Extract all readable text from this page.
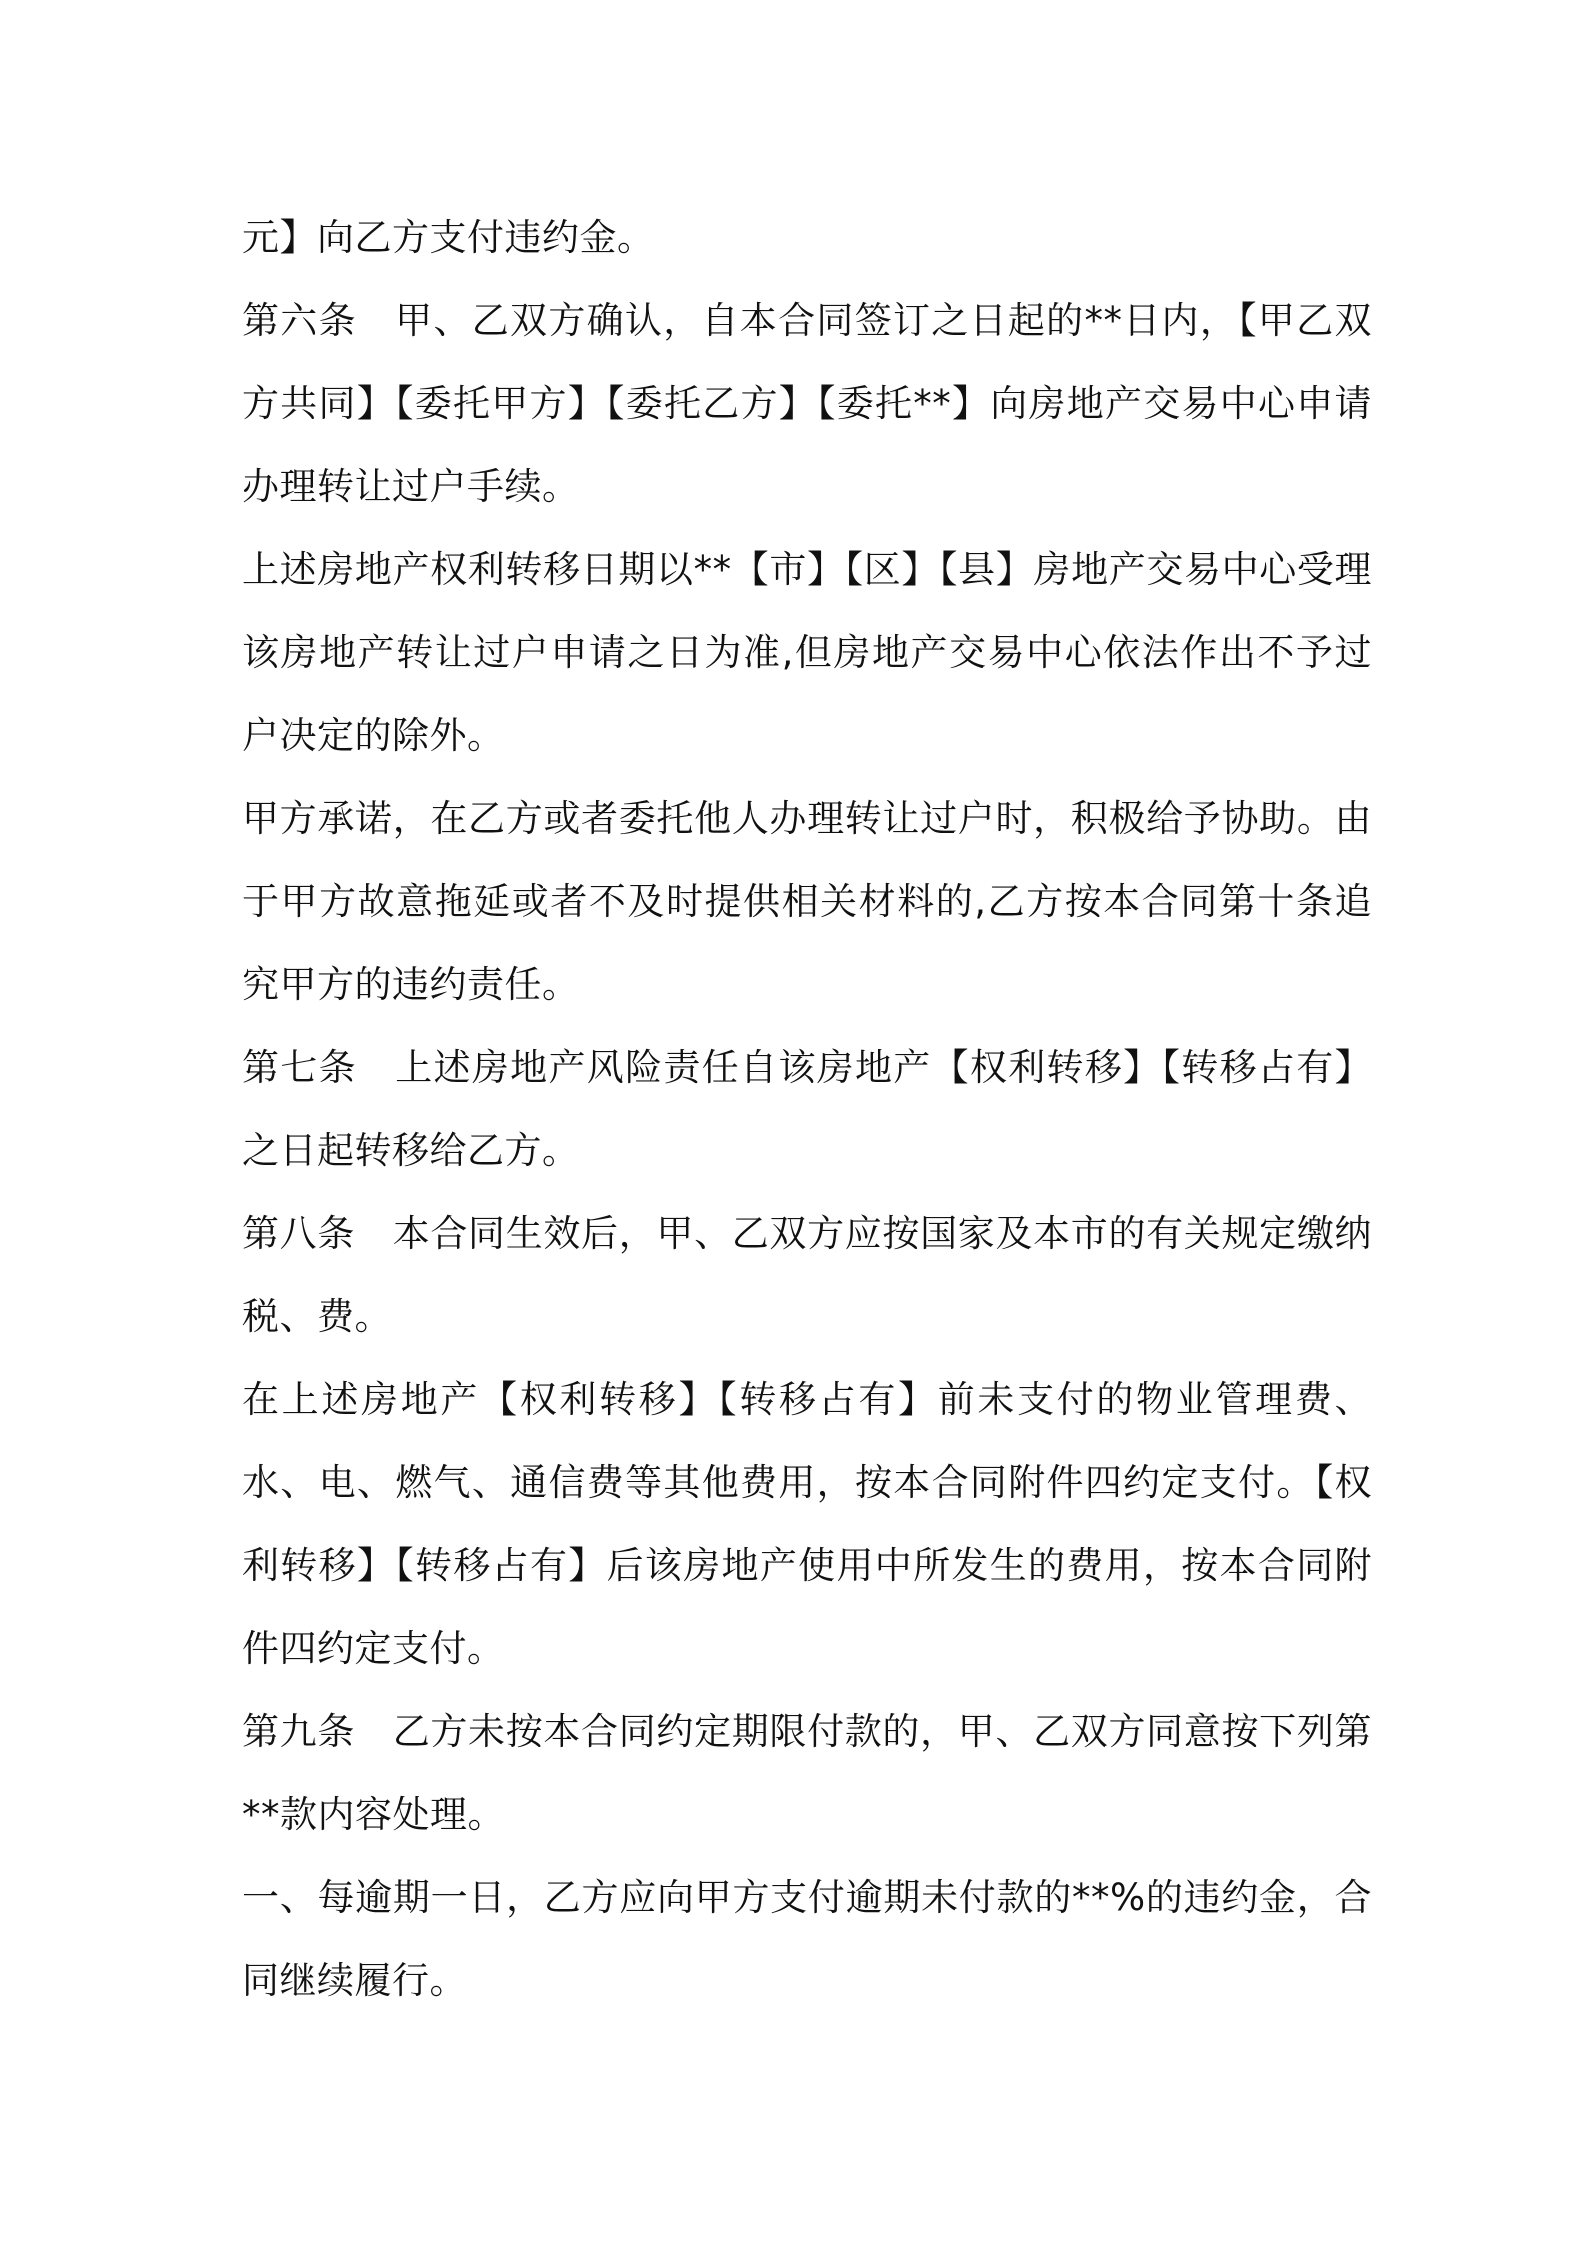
元】向乙方支付违约金。

第六条　甲、乙双方确认，自本合同签订之日起的**日内，【甲乙双方共同】【委托甲方】【委托乙方】【委托**】向房地产交易中心申请办理转让过户手续。

上述房地产权利转移日期以**【市】【区】【县】房地产交易中心受理该房地产转让过户申请之日为准,但房地产交易中心依法作出不予过户决定的除外。

甲方承诺，在乙方或者委托他人办理转让过户时，积极给予协助。由于甲方故意拖延或者不及时提供相关材料的,乙方按本合同第十条追究甲方的违约责任。

第七条　上述房地产风险责任自该房地产【权利转移】【转移占有】之日起转移给乙方。

第八条　本合同生效后，甲、乙双方应按国家及本市的有关规定缴纳税、费。

在上述房地产【权利转移】【转移占有】前未支付的物业管理费、水、电、燃气、通信费等其他费用，按本合同附件四约定支付。【权利转移】【转移占有】后该房地产使用中所发生的费用，按本合同附件四约定支付。

第九条　乙方未按本合同约定期限付款的，甲、乙双方同意按下列第**款内容处理。

一、每逾期一日，乙方应向甲方支付逾期未付款的**%的违约金，合同继续履行。
